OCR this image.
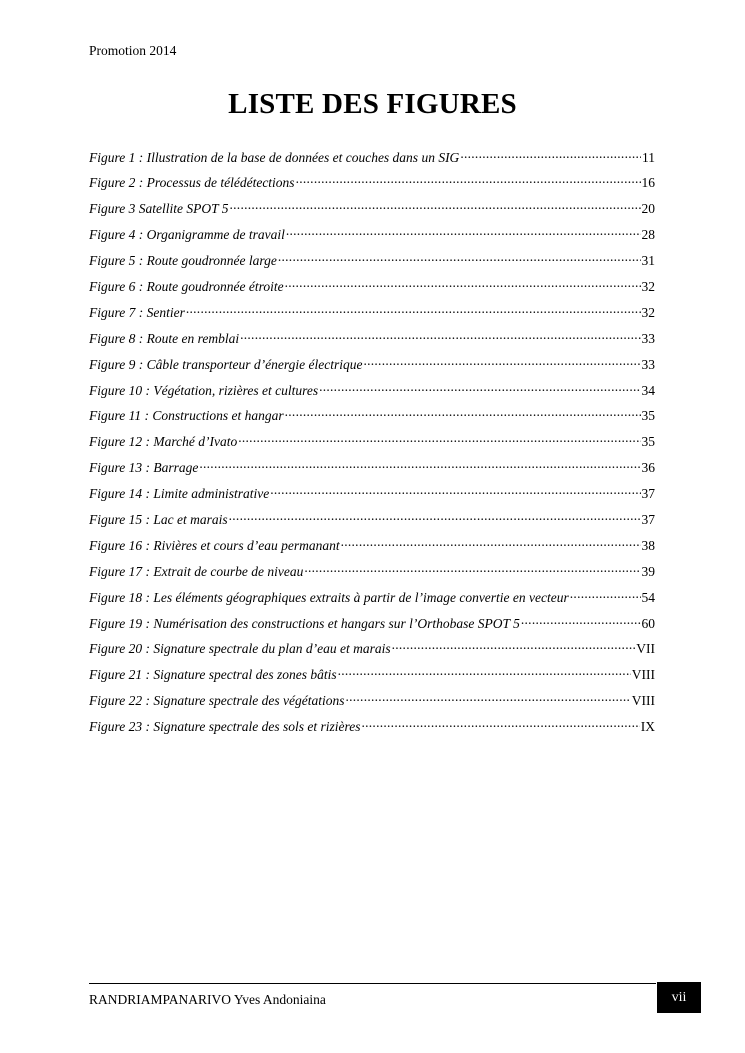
Promotion 2014
LISTE DES FIGURES
Figure 1 : Illustration de la base de données et couches dans un SIG . . .	11
Figure 2 : Processus de télédétections . . .	16
Figure 3 Satellite SPOT 5 . . .	20
Figure 4 : Organigramme de travail . . .	28
Figure 5 : Route goudronnée large . . .	31
Figure 6 : Route goudronnée étroite . . .	32
Figure 7 : Sentier . . .	32
Figure 8 : Route en remblai . . .	33
Figure 9 : Câble transporteur d’énergie électrique . . .	33
Figure 10 : Végétation, rizières et cultures . . .	34
Figure 11 : Constructions et hangar . . .	35
Figure 12 : Marché d’Ivato . . .	35
Figure 13 : Barrage . . .	36
Figure 14 : Limite administrative . . .	37
Figure 15 : Lac et marais . . .	37
Figure 16 : Rivières et cours d’eau permanant . . .	38
Figure 17 : Extrait de courbe de niveau . . .	39
Figure 18 : Les éléments géographiques extraits à partir de l’image convertie en vecteur . . .	54
Figure 19 : Numérisation des constructions et hangars sur l’Orthobase SPOT 5 . . .	60
Figure 20 : Signature spectrale du plan d’eau et marais . . .	VII
Figure 21 : Signature spectral des zones bâtis . . .	VIII
Figure 22 : Signature spectrale des végétations . . .	VIII
Figure 23 : Signature spectrale des sols et rizières . . .	IX
RANDRIAMPANARIVO Yves Andoniaina	vii
